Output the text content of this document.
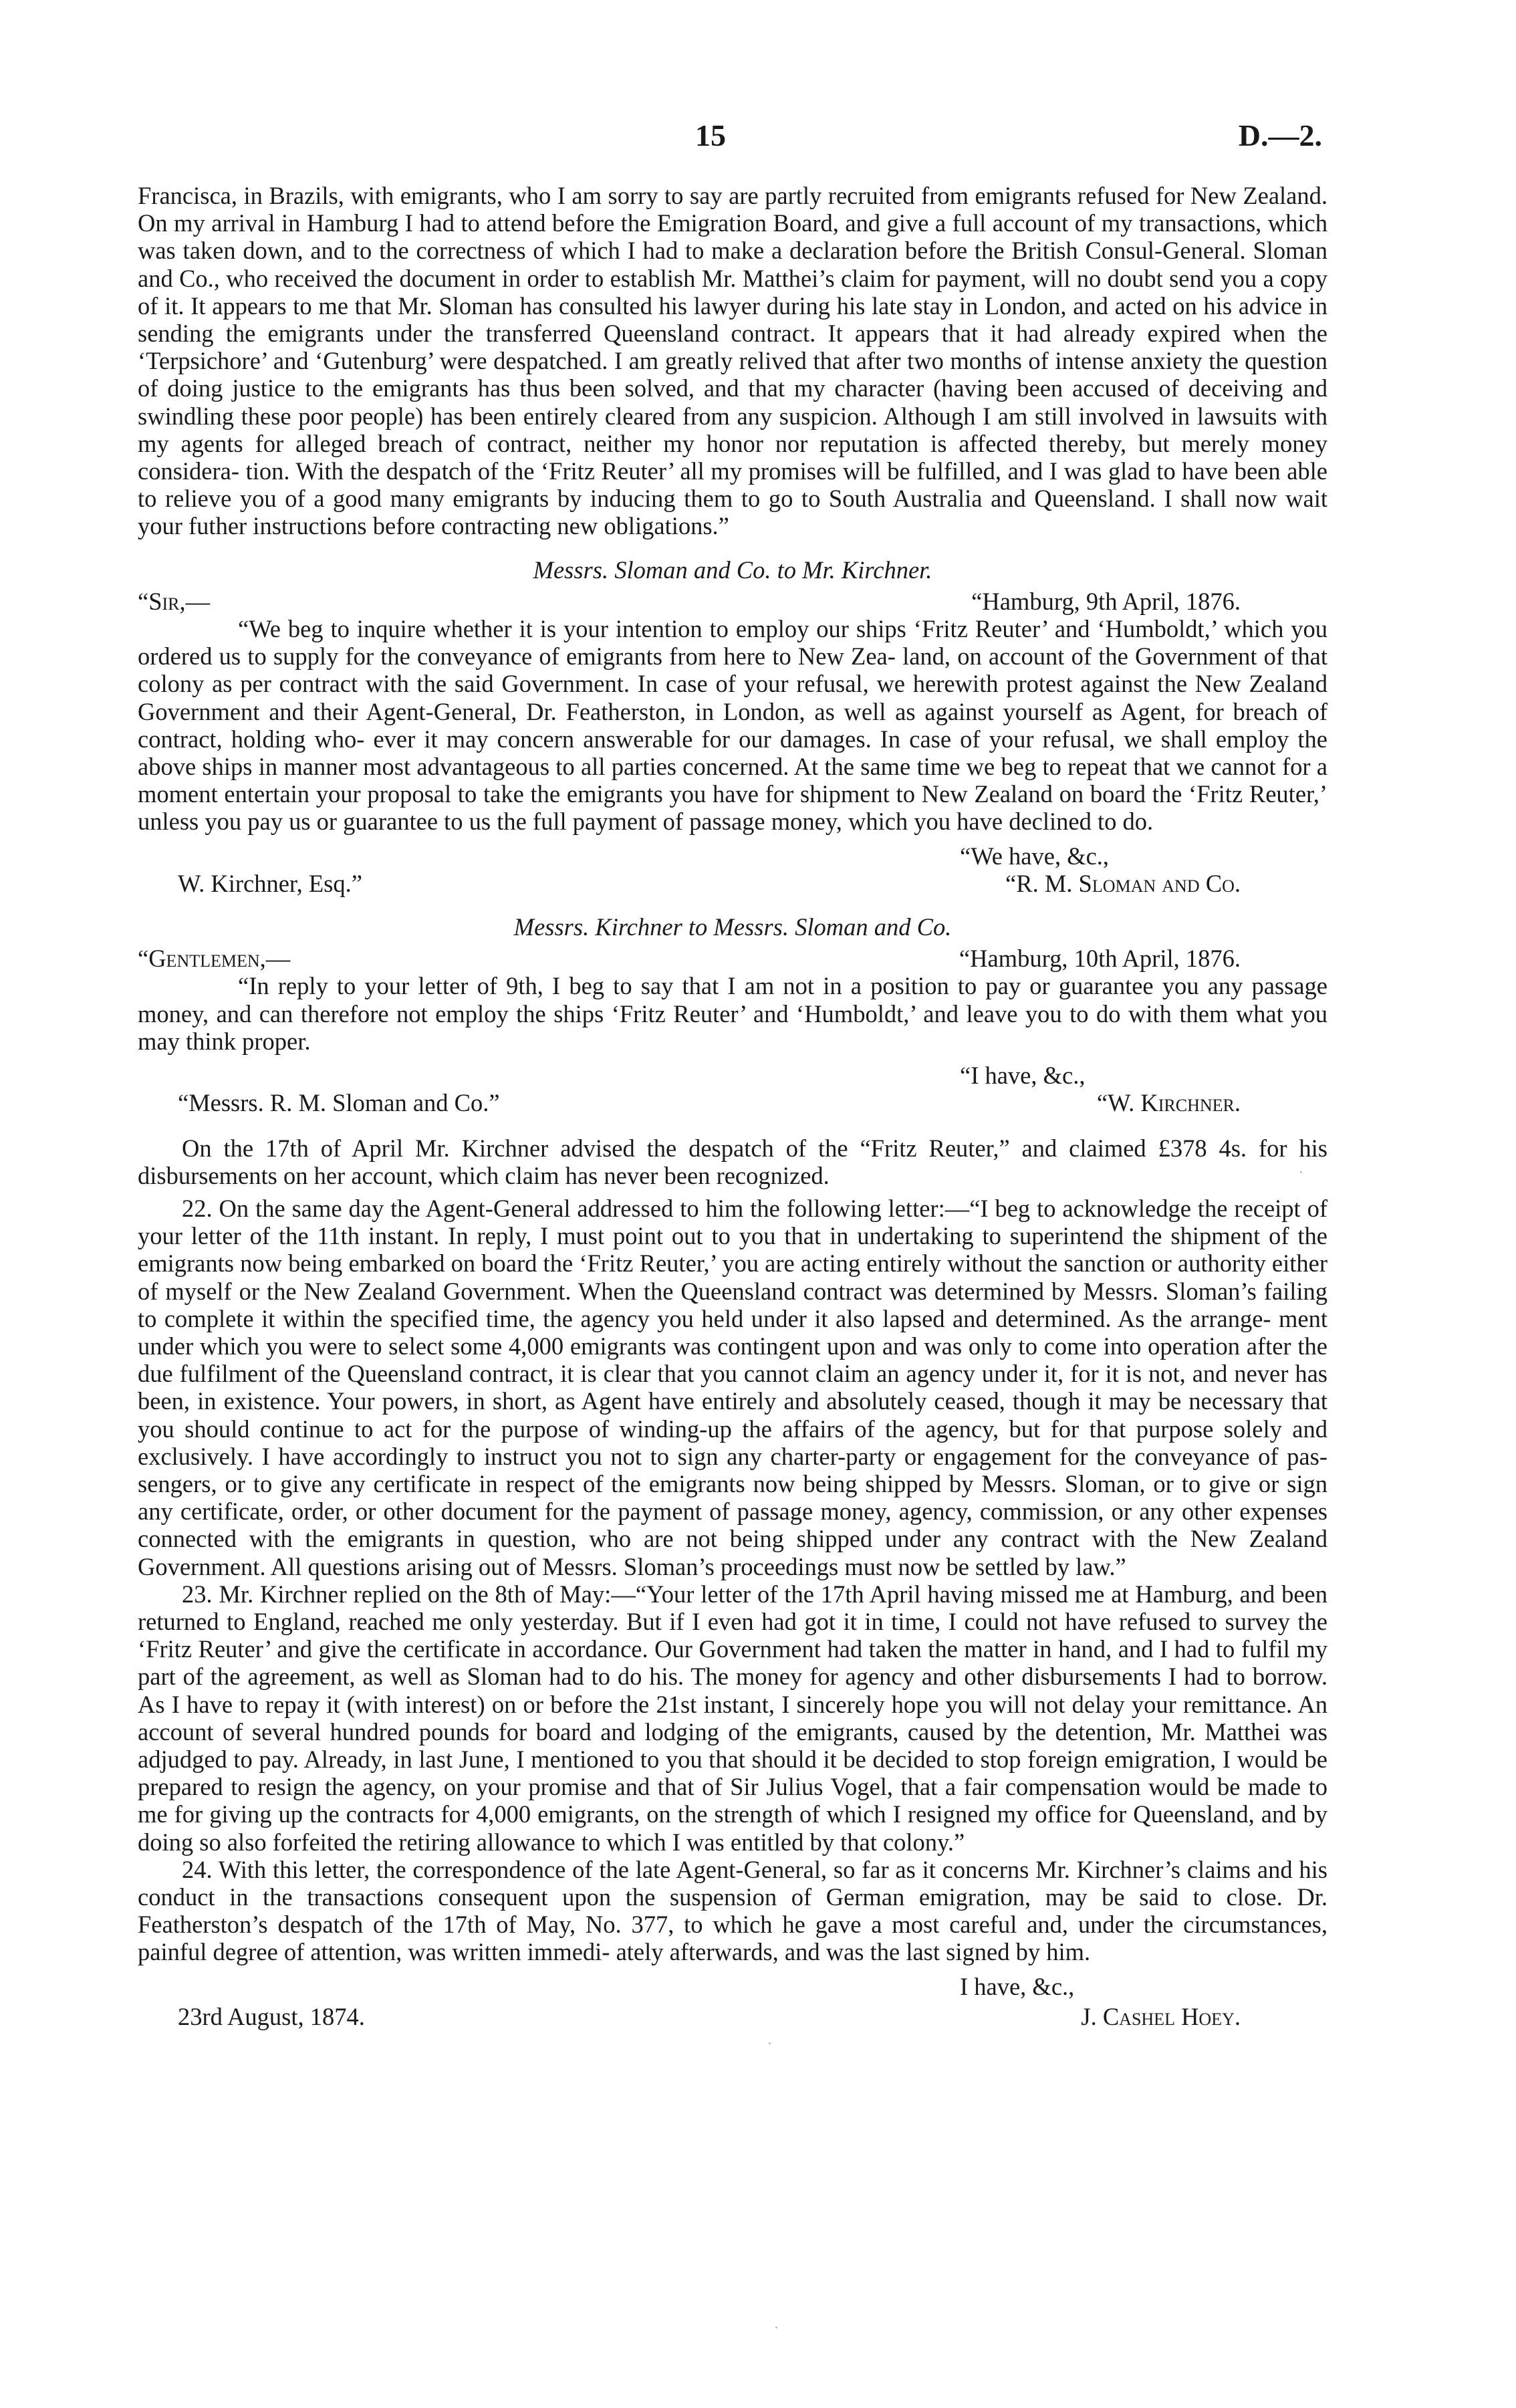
15	D.—2.

Francisca, in Brazils, with emigrants, who I am sorry to say are partly recruited from emigrants refused for New Zealand. On my arrival in Hamburg I had to attend before the Emigration Board, and give a full account of my transactions, which was taken down, and to the correctness of which I had to make a declaration before the British Consul-General. Sloman and Co., who received the document in order to establish Mr. Matthei’s claim for payment, will no doubt send you a copy of it. It appears to me that Mr. Sloman has consulted his lawyer during his late stay in London, and acted on his advice in sending the emigrants under the transferred Queensland contract. It appears that it had already expired when the ‘Terpsichore’ and ‘Gutenburg’ were despatched. I am greatly relived that after two months of intense anxiety the question of doing justice to the emigrants has thus been solved, and that my character (having been accused of deceiving and swindling these poor people) has been entirely cleared from any suspicion. Although I am still involved in lawsuits with my agents for alleged breach of contract, neither my honor nor reputation is affected thereby, but merely money considera- tion. With the despatch of the ‘Fritz Reuter’ all my promises will be fulfilled, and I was glad to have been able to relieve you of a good many emigrants by inducing them to go to South Australia and Queensland. I shall now wait your futher instructions before contracting new obligations.”

Messrs. Sloman and Co. to Mr. Kirchner.
“Sir,—	“Hamburg, 9th April, 1876.

“We beg to inquire whether it is your intention to employ our ships ‘Fritz Reuter’ and ‘Humboldt,’ which you ordered us to supply for the conveyance of emigrants from here to New Zea- land, on account of the Government of that colony as per contract with the said Government. In case of your refusal, we herewith protest against the New Zealand Government and their Agent-General, Dr. Featherston, in London, as well as against yourself as Agent, for breach of contract, holding who- ever it may concern answerable for our damages. In case of your refusal, we shall employ the above ships in manner most advantageous to all parties concerned. At the same time we beg to repeat that we cannot for a moment entertain your proposal to take the emigrants you have for shipment to New Zealand on board the ‘Fritz Reuter,’ unless you pay us or guarantee to us the full payment of passage money, which you have declined to do.

“We have, &c.,
W. Kirchner, Esq.”	“R. M. Sloman and Co.
Messrs. Kirchner to Messrs. Sloman and Co.
“Gentlemen,—	“Hamburg, 10th April, 1876.

“In reply to your letter of 9th, I beg to say that I am not in a position to pay or guarantee you any passage money, and can therefore not employ the ships ‘Fritz Reuter’ and ‘Humboldt,’ and leave you to do with them what you may think proper.

“I have, &c.,
“Messrs. R. M. Sloman and Co.”	“W. Kirchner.

On the 17th of April Mr. Kirchner advised the despatch of the “Fritz Reuter,” and claimed £378 4s. for his disbursements on her account, which claim has never been recognized.

22. On the same day the Agent-General addressed to him the following letter:—“I beg to acknowledge the receipt of your letter of the 11th instant. In reply, I must point out to you that in undertaking to superintend the shipment of the emigrants now being embarked on board the ‘Fritz Reuter,’ you are acting entirely without the sanction or authority either of myself or the New Zealand Government. When the Queensland contract was determined by Messrs. Sloman’s failing to complete it within the specified time, the agency you held under it also lapsed and determined. As the arrange- ment under which you were to select some 4,000 emigrants was contingent upon and was only to come into operation after the due fulfilment of the Queensland contract, it is clear that you cannot claim an agency under it, for it is not, and never has been, in existence. Your powers, in short, as Agent have entirely and absolutely ceased, though it may be necessary that you should continue to act for the purpose of winding-up the affairs of the agency, but for that purpose solely and exclusively. I have accordingly to instruct you not to sign any charter-party or engagement for the conveyance of pas- sengers, or to give any certificate in respect of the emigrants now being shipped by Messrs. Sloman, or to give or sign any certificate, order, or other document for the payment of passage money, agency, commission, or any other expenses connected with the emigrants in question, who are not being shipped under any contract with the New Zealand Government. All questions arising out of Messrs. Sloman’s proceedings must now be settled by law.”

23. Mr. Kirchner replied on the 8th of May:—“Your letter of the 17th April having missed me at Hamburg, and been returned to England, reached me only yesterday. But if I even had got it in time, I could not have refused to survey the ‘Fritz Reuter’ and give the certificate in accordance. Our Government had taken the matter in hand, and I had to fulfil my part of the agreement, as well as Sloman had to do his. The money for agency and other disbursements I had to borrow. As I have to repay it (with interest) on or before the 21st instant, I sincerely hope you will not delay your remittance. An account of several hundred pounds for board and lodging of the emigrants, caused by the detention, Mr. Matthei was adjudged to pay. Already, in last June, I mentioned to you that should it be decided to stop foreign emigration, I would be prepared to resign the agency, on your promise and that of Sir Julius Vogel, that a fair compensation would be made to me for giving up the contracts for 4,000 emigrants, on the strength of which I resigned my office for Queensland, and by doing so also forfeited the retiring allowance to which I was entitled by that colony.”

24. With this letter, the correspondence of the late Agent-General, so far as it concerns Mr. Kirchner’s claims and his conduct in the transactions consequent upon the suspension of German emigration, may be said to close. Dr. Featherston’s despatch of the 17th of May, No. 377, to which he gave a most careful and, under the circumstances, painful degree of attention, was written immedi- ately afterwards, and was the last signed by him.

I have, &c.,
23rd August, 1874.	J. Cashel Hoey.
